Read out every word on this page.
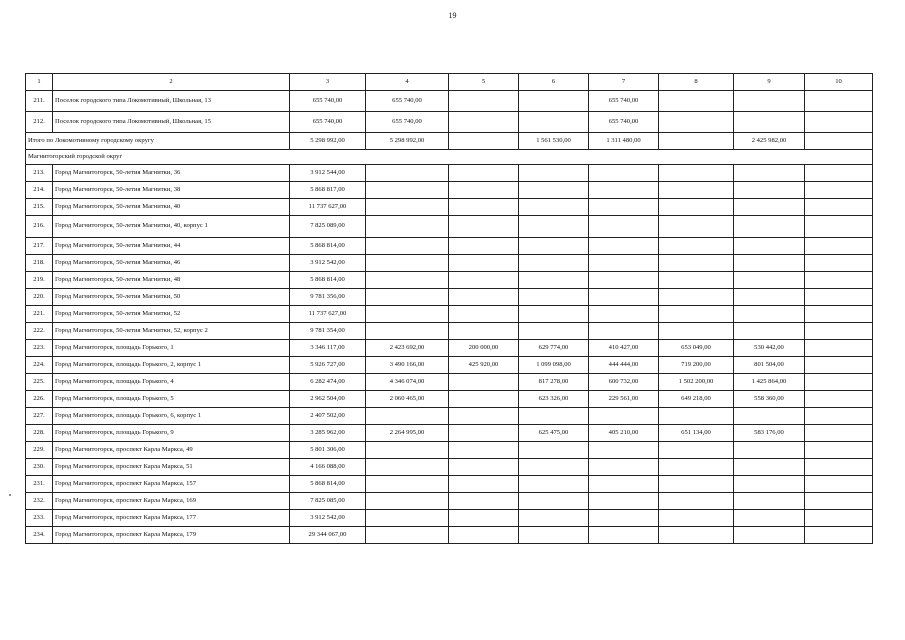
19
1	2	3	4	5	6	7	8	9	10
211.	Поселок городского типа Локомотивный, Школьная, 13	655 740,00	655 740,00			655 740,00			
212.	Поселок городского типа Локомотивный, Школьная, 15	655 740,00	655 740,00			655 740,00			
Итого по Локомотивному городскому округу		5 298 992,00	5 298 992,00		1 561 530,00	1 311 480,00		2 425 982,00	
Магнитогорский городской округ									
213.	Город Магнитогорск, 50-летия Магнитки, 36	3 912 544,00							
214.	Город Магнитогорск, 50-летия Магнитки, 38	5 868 817,00							
215.	Город Магнитогорск, 50-летия Магнитки, 40	11 737 627,00							
216.	Город Магнитогорск, 50-летия Магнитки, 40, корпус 1	7 825 089,00							
217.	Город Магнитогорск, 50-летия Магнитки, 44	5 868 814,00							
218.	Город Магнитогорск, 50-летия Магнитки, 46	3 912 542,00							
219.	Город Магнитогорск, 50-летия Магнитки, 48	5 868 814,00							
220.	Город Магнитогорск, 50-летия Магнитки, 50	9 781 356,00							
221.	Город Магнитогорск, 50-летия Магнитки, 52	11 737 627,00							
222.	Город Магнитогорск, 50-летия Магнитки, 52, корпус 2	9 781 354,00							
223.	Город Магнитогорск, площадь Горького, 1	3 346 117,00	2 423 692,00	200 000,00	629 774,00	410 427,00	653 049,00	530 442,00	
224.	Город Магнитогорск, площадь Горького, 2, корпус 1	5 926 727,00	3 490 166,00	425 920,00	1 099 098,00	444 444,00	719 200,00	801 504,00	
225.	Город Магнитогорск, площадь Горького, 4	6 282 474,00	4 346 074,00		817 278,00	600 732,00	1 502 200,00	1 425 864,00	
226.	Город Магнитогорск, площадь Горького, 5	2 962 504,00	2 060 465,00		623 326,00	229 561,00	649 218,00	558 360,00	
227.	Город Магнитогорск, площадь Горького, 6, корпус 1	2 407 502,00							
228.	Город Магнитогорск, площадь Горького, 9	3 285 962,00	2 264 995,00		625 475,00	405 210,00	651 134,00	583 176,00	
229.	Город Магнитогорск, проспект Карла Маркса, 49	5 801 306,00							
230.	Город Магнитогорск, проспект Карла Маркса, 51	4 166 088,00							
231.	Город Магнитогорск, проспект Карла Маркса, 157	5 868 814,00							
232.	Город Магнитогорск, проспект Карла Маркса, 169	7 825 085,00							
233.	Город Магнитогорск, проспект Карла Маркса, 177	3 912 542,00							
234.	Город Магнитогорск, проспект Карла Маркса, 179	29 344 067,00							
